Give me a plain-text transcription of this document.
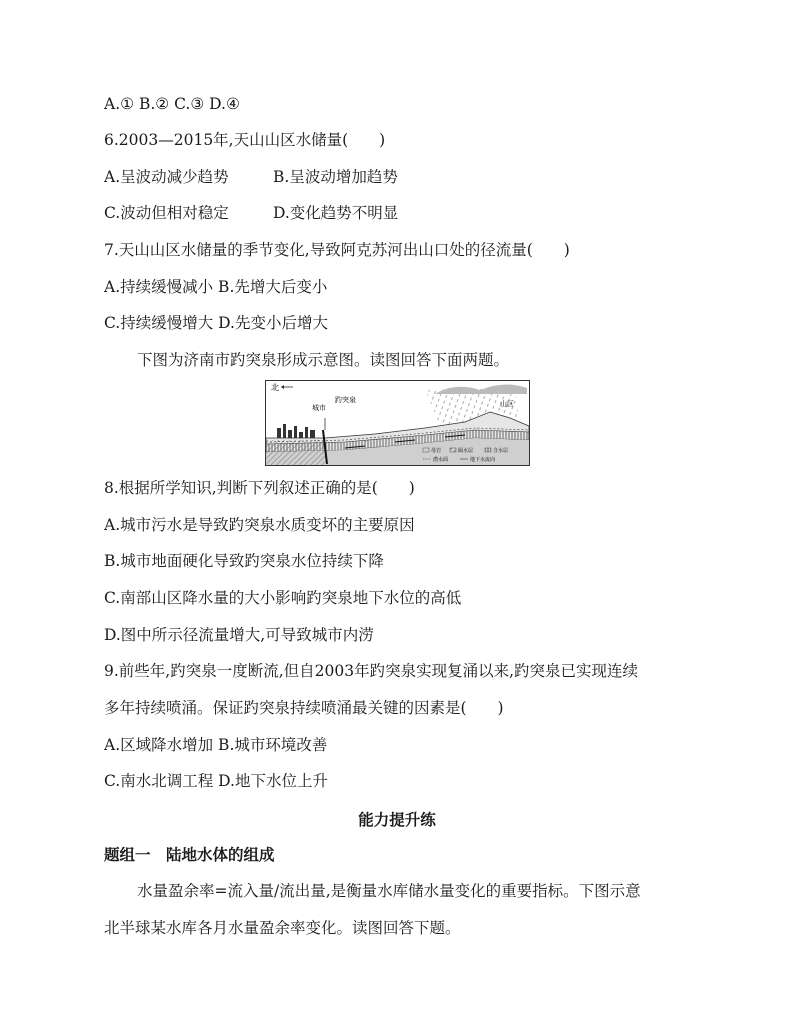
A.① B.② C.③ D.④
6.2003—2015年,天山山区水储量(　　)
A.呈波动减少趋势	B.呈波动增加趋势
C.波动但相对稳定	D.变化趋势不明显
7.天山山区水储量的季节变化,导致阿克苏河出山口处的径流量(　　)
A.持续缓慢减小 B.先增大后变小
C.持续缓慢增大 D.先变小后增大
下图为济南市趵突泉形成示意图。读图回答下面两题。
北
城市
趵突泉	山区
母岩	隔水层	含水层
潜水面	地下水流向
8.根据所学知识,判断下列叙述正确的是(　　)
A.城市污水是导致趵突泉水质变坏的主要原因
B.城市地面硬化导致趵突泉水位持续下降
C.南部山区降水量的大小影响趵突泉地下水位的高低
D.图中所示径流量增大,可导致城市内涝
9.前些年,趵突泉一度断流,但自2003年趵突泉实现复涌以来,趵突泉已实现连续
多年持续喷涌。保证趵突泉持续喷涌最关键的因素是(　　)
A.区域降水增加 B.城市环境改善
C.南水北调工程 D.地下水位上升
能力提升练
题组一　陆地水体的组成
水量盈余率=流入量/流出量,是衡量水库储水量变化的重要指标。下图示意
北半球某水库各月水量盈余率变化。读图回答下题。
